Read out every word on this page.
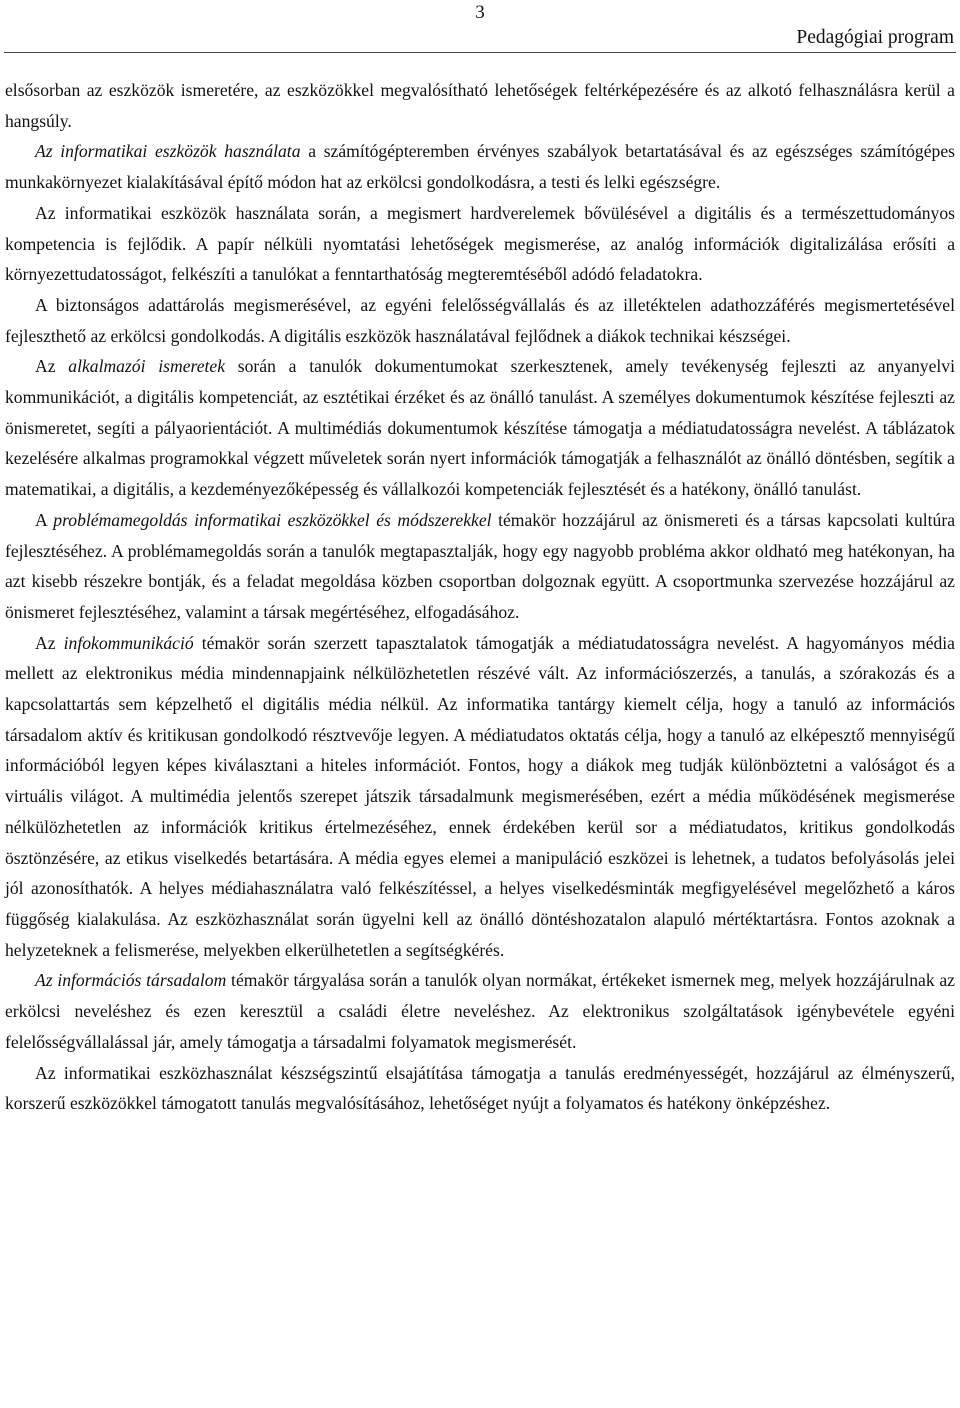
3
Pedagógiai program

elsősorban az eszközök ismeretére, az eszközökkel megvalósítható lehetőségek feltérképezésére és az alkotó felhasználásra kerül a hangsúly.

Az informatikai eszközök használata a számítógépteremben érvényes szabályok betartatásával és az egészséges számítógépes munkakörnyezet kialakításával építő módon hat az erkölcsi gondolkodásra, a testi és lelki egészségre.

Az informatikai eszközök használata során, a megismert hardverelemek bővülésével a digitális és a természettudományos kompetencia is fejlődik. A papír nélküli nyomtatási lehetőségek megismerése, az analóg információk digitalizálása erősíti a környezettudatosságot, felkészíti a tanulókat a fenntarthatóság megteremtéséből adódó feladatokra.

A biztonságos adattárolás megismerésével, az egyéni felelősségvállalás és az illetéktelen adathozzáférés megismertetésével fejleszthető az erkölcsi gondolkodás. A digitális eszközök használatával fejlődnek a diákok technikai készségei.

Az alkalmazói ismeretek során a tanulók dokumentumokat szerkesztenek, amely tevékenység fejleszti az anyanyelvi kommunikációt, a digitális kompetenciát, az esztétikai érzéket és az önálló tanulást. A személyes dokumentumok készítése fejleszti az önismeretet, segíti a pályaorientációt. A multimédiás dokumentumok készítése támogatja a médiatudatosságra nevelést. A táblázatok kezelésére alkalmas programokkal végzett műveletek során nyert információk támogatják a felhasználót az önálló döntésben, segítik a matematikai, a digitális, a kezdeményezőképesség és vállalkozói kompetenciák fejlesztését és a hatékony, önálló tanulást.

A problémamegoldás informatikai eszközökkel és módszerekkel témakör hozzájárul az önismereti és a társas kapcsolati kultúra fejlesztéséhez. A problémamegoldás során a tanulók megtapasztalják, hogy egy nagyobb probléma akkor oldható meg hatékonyan, ha azt kisebb részekre bontják, és a feladat megoldása közben csoportban dolgoznak együtt. A csoportmunka szervezése hozzájárul az önismeret fejlesztéséhez, valamint a társak megértéséhez, elfogadásához.

Az infokommunikáció témakör során szerzett tapasztalatok támogatják a médiatudatosságra nevelést. A hagyományos média mellett az elektronikus média mindennapjaink nélkülözhetetlen részévé vált. Az információszerzés, a tanulás, a szórakozás és a kapcsolattartás sem képzelhető el digitális média nélkül. Az informatika tantárgy kiemelt célja, hogy a tanuló az információs társadalom aktív és kritikusan gondolkodó résztvevője legyen. A médiatudatos oktatás célja, hogy a tanuló az elképesztő mennyiségű információból legyen képes kiválasztani a hiteles információt. Fontos, hogy a diákok meg tudják különböztetni a valóságot és a virtuális világot. A multimédia jelentős szerepet játszik társadalmunk megismerésében, ezért a média működésének megismerése nélkülözhetetlen az információk kritikus értelmezéséhez, ennek érdekében kerül sor a médiatudatos, kritikus gondolkodás ösztönzésére, az etikus viselkedés betartására. A média egyes elemei a manipuláció eszközei is lehetnek, a tudatos befolyásolás jelei jól azonosíthatók. A helyes médiahasználatra való felkészítéssel, a helyes viselkedésminták megfigyelésével megelőzhető a káros függőség kialakulása. Az eszközhasználat során ügyelni kell az önálló döntéshozatalon alapuló mértéktartásra. Fontos azoknak a helyzeteknek a felismerése, melyekben elkerülhetetlen a segítségkérés.

Az információs társadalom témakör tárgyalása során a tanulók olyan normákat, értékeket ismernek meg, melyek hozzájárulnak az erkölcsi neveléshez és ezen keresztül a családi életre neveléshez. Az elektronikus szolgáltatások igénybevétele egyéni felelősségvállalással jár, amely támogatja a társadalmi folyamatok megismerését.

Az informatikai eszközhasználat készségszintű elsajátítása támogatja a tanulás eredményességét, hozzájárul az élményszerű, korszerű eszközökkel támogatott tanulás megvalósításához, lehetőséget nyújt a folyamatos és hatékony önképzéshez.
